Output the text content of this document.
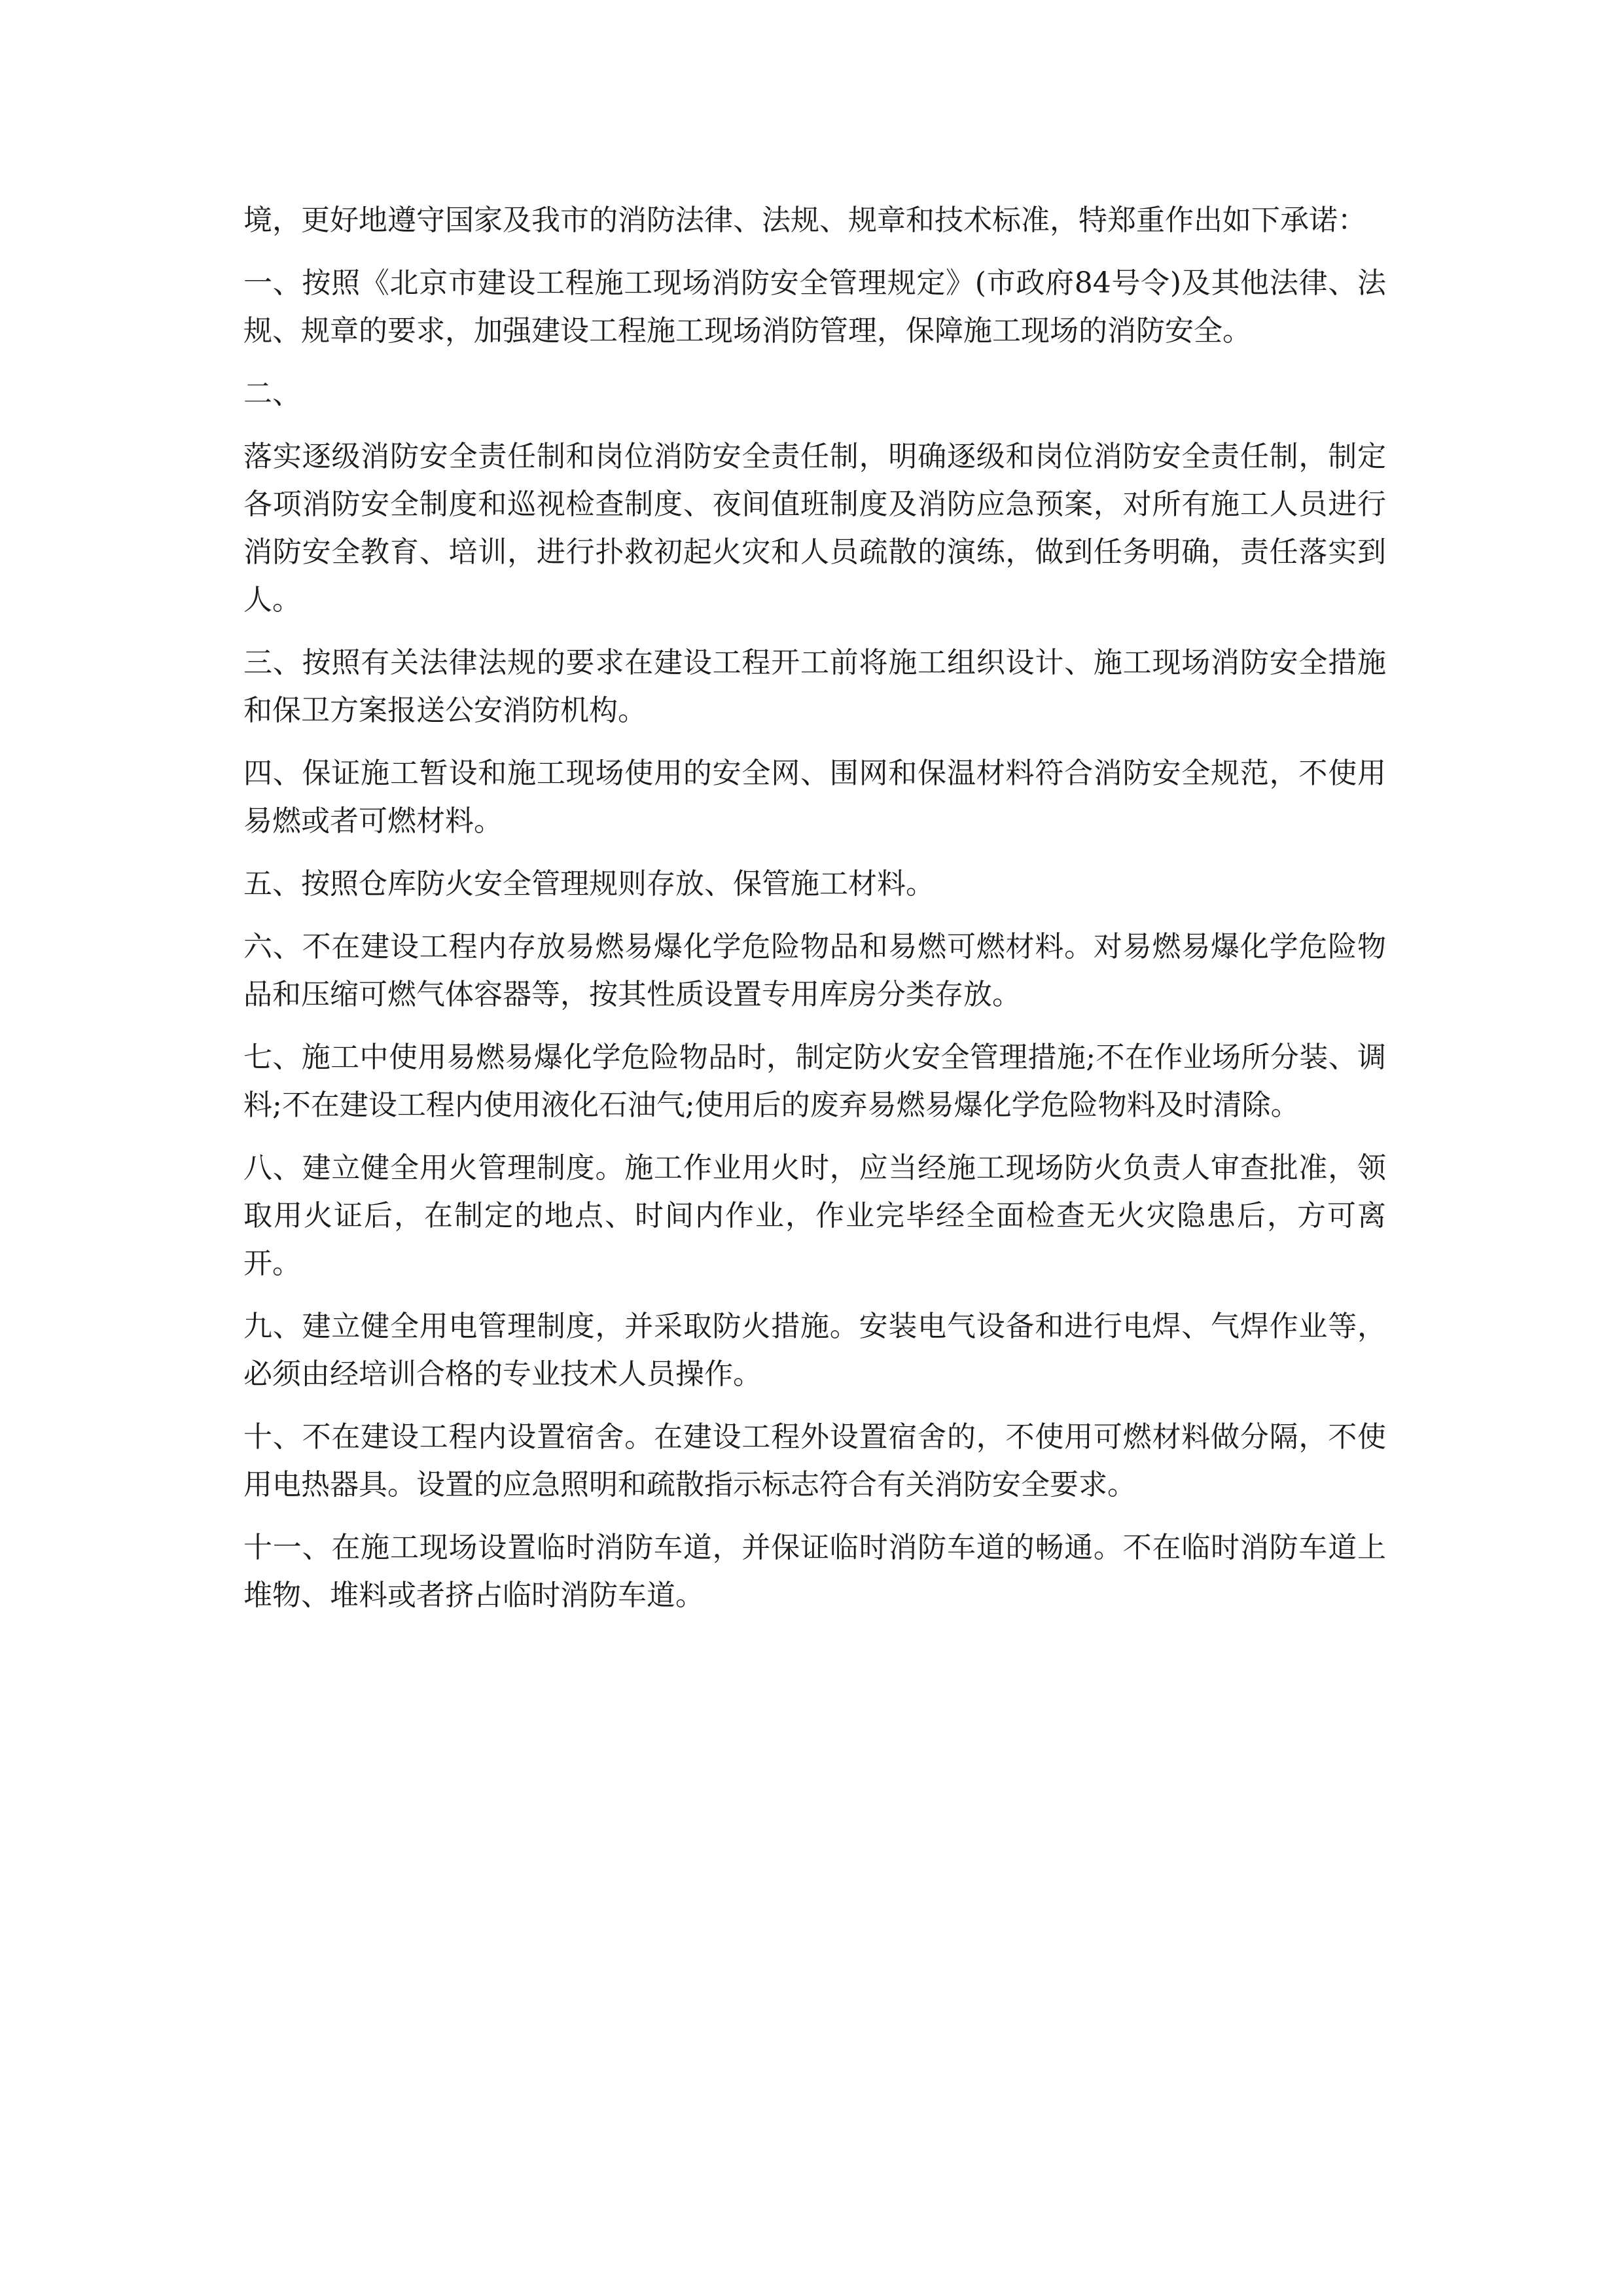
境，更好地遵守国家及我市的消防法律、法规、规章和技术标准，特郑重作出如下承诺：

一、按照《北京市建设工程施工现场消防安全管理规定》(市政府84号令)及其他法律、法规、规章的要求，加强建设工程施工现场消防管理，保障施工现场的消防安全。

二、

落实逐级消防安全责任制和岗位消防安全责任制，明确逐级和岗位消防安全责任制，制定各项消防安全制度和巡视检查制度、夜间值班制度及消防应急预案，对所有施工人员进行消防安全教育、培训，进行扑救初起火灾和人员疏散的演练，做到任务明确，责任落实到人。

三、按照有关法律法规的要求在建设工程开工前将施工组织设计、施工现场消防安全措施和保卫方案报送公安消防机构。

四、保证施工暂设和施工现场使用的安全网、围网和保温材料符合消防安全规范，不使用易燃或者可燃材料。

五、按照仓库防火安全管理规则存放、保管施工材料。

六、不在建设工程内存放易燃易爆化学危险物品和易燃可燃材料。对易燃易爆化学危险物品和压缩可燃气体容器等，按其性质设置专用库房分类存放。

七、施工中使用易燃易爆化学危险物品时，制定防火安全管理措施;不在作业场所分装、调料;不在建设工程内使用液化石油气;使用后的废弃易燃易爆化学危险物料及时清除。

八、建立健全用火管理制度。施工作业用火时，应当经施工现场防火负责人审查批准，领取用火证后，在制定的地点、时间内作业，作业完毕经全面检查无火灾隐患后，方可离开。

九、建立健全用电管理制度，并采取防火措施。安装电气设备和进行电焊、气焊作业等，必须由经培训合格的专业技术人员操作。

十、不在建设工程内设置宿舍。在建设工程外设置宿舍的，不使用可燃材料做分隔，不使用电热器具。设置的应急照明和疏散指示标志符合有关消防安全要求。

十一、在施工现场设置临时消防车道，并保证临时消防车道的畅通。不在临时消防车道上堆物、堆料或者挤占临时消防车道。
